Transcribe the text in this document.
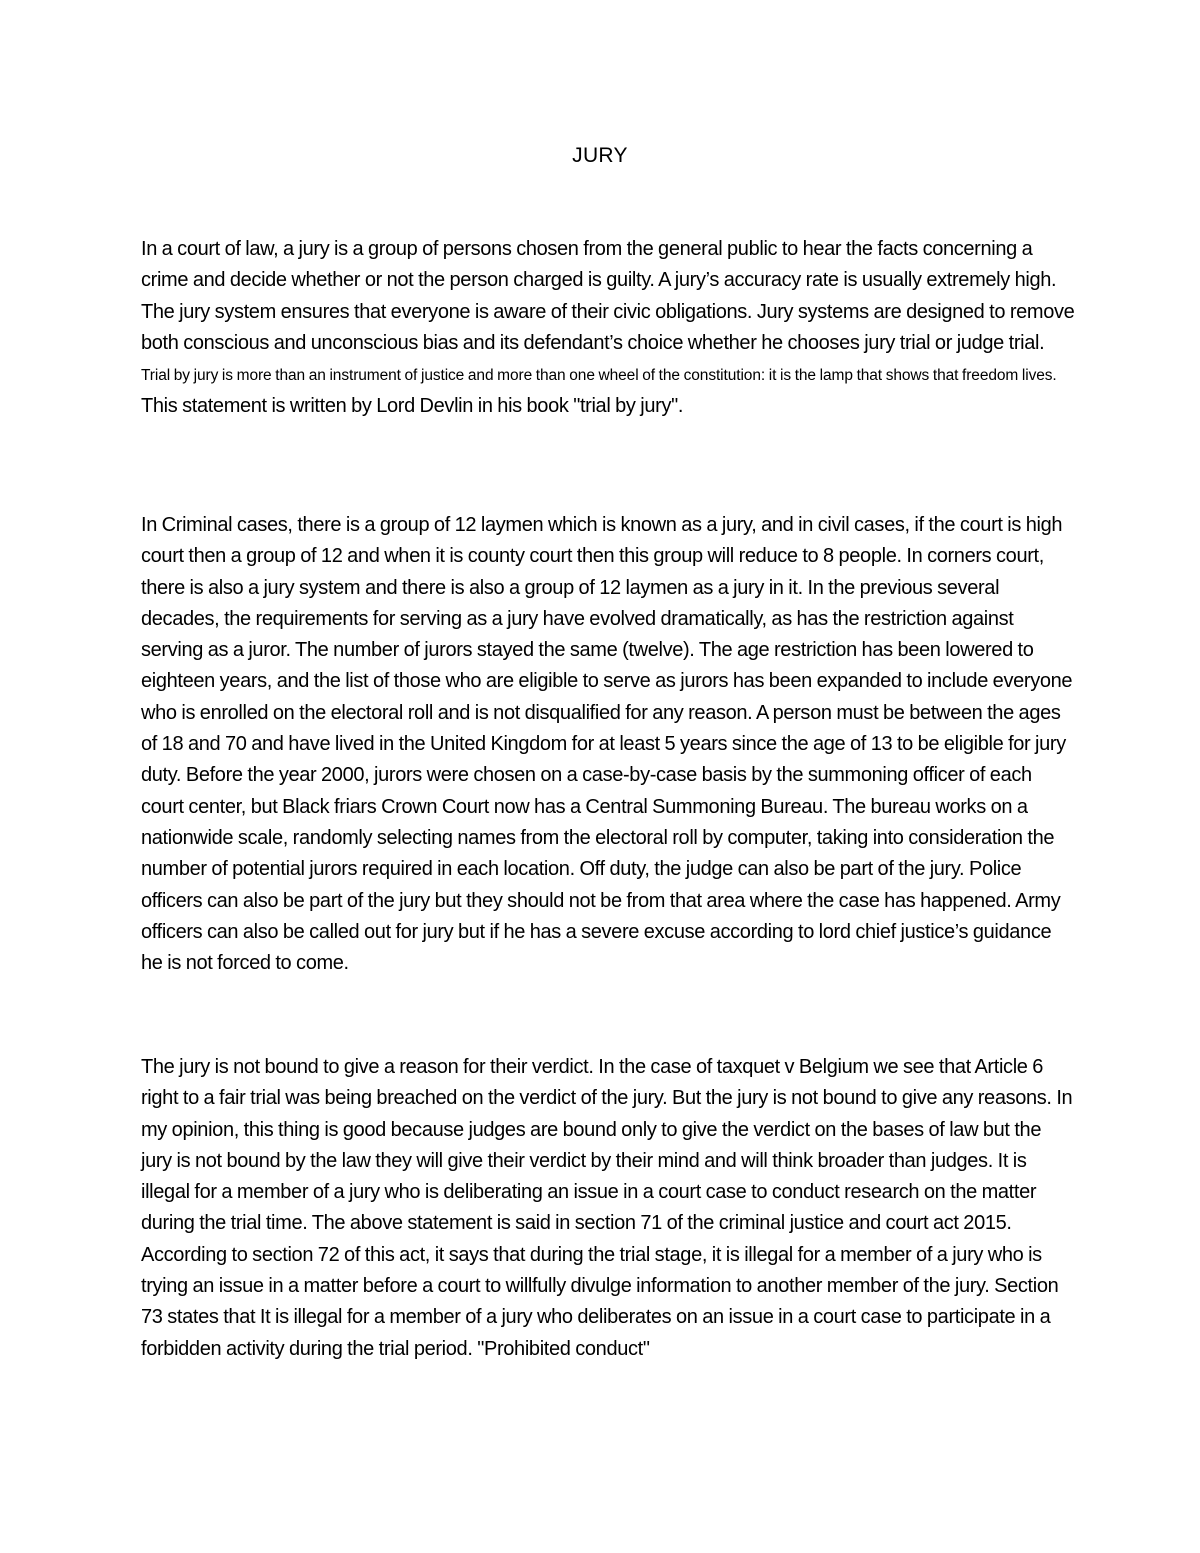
JURY

In a court of law, a jury is a group of persons chosen from the general public to hear the facts concerning a crime and decide whether or not the person charged is guilty. A jury’s accuracy rate is usually extremely high. The jury system ensures that everyone is aware of their civic obligations. Jury systems are designed to remove both conscious and unconscious bias and its defendant’s choice whether he chooses jury trial or judge trial.   Trial by jury is more than an instrument of justice and more than one wheel of the constitution: it is the lamp that shows that freedom lives. This statement is written by Lord Devlin in his book "trial by jury".

In Criminal cases, there is a group of 12 laymen which is known as a jury, and in civil cases, if the court is high court then a group of 12 and when it is county court then this group will reduce to 8 people. In corners court, there is also a jury system and there is also a group of 12 laymen as a jury in it. In the previous several decades, the requirements for serving as a jury have evolved dramatically, as has the restriction against serving as a juror. The number of jurors stayed the same (twelve). The age restriction has been lowered to eighteen years, and the list of those who are eligible to serve as jurors has been expanded to include everyone who is enrolled on the electoral roll and is not disqualified for any reason. A person must be between the ages of 18 and 70 and have lived in the United Kingdom for at least 5 years since the age of 13 to be eligible for jury duty. Before the year 2000, jurors were chosen on a case-by-case basis by the summoning officer of each court center, but Black friars Crown Court now has a Central Summoning Bureau. The bureau works on a nationwide scale, randomly selecting names from the electoral roll by computer, taking into consideration the number of potential jurors required in each location. Off duty, the judge can also be part of the jury. Police officers can also be part of the jury but they should not be from that area where the case has happened. Army officers can also be called out for jury but if he has a severe excuse according to lord chief justice’s guidance he is not forced to come.

The jury is not bound to give a reason for their verdict. In the case of taxquet v Belgium we see that Article 6 right to a fair trial was being breached on the verdict of the jury. But the jury is not bound to give any reasons. In my opinion, this thing is good because judges are bound only to give the verdict on the bases of law but the jury is not bound by the law they will give their verdict by their mind and will think broader than judges. It is illegal for a member of a jury who is deliberating an issue in a court case to conduct research on the matter during the trial time. The above statement is said in section 71 of the criminal justice and court act 2015. According to section 72 of this act, it says that during the trial stage, it is illegal for a member of a jury who is trying an issue in a matter before a court to willfully divulge information to another member of the jury. Section 73 states that It is illegal for a member of a jury who deliberates on an issue in a court case to participate in a forbidden activity during the trial period. "Prohibited conduct"
